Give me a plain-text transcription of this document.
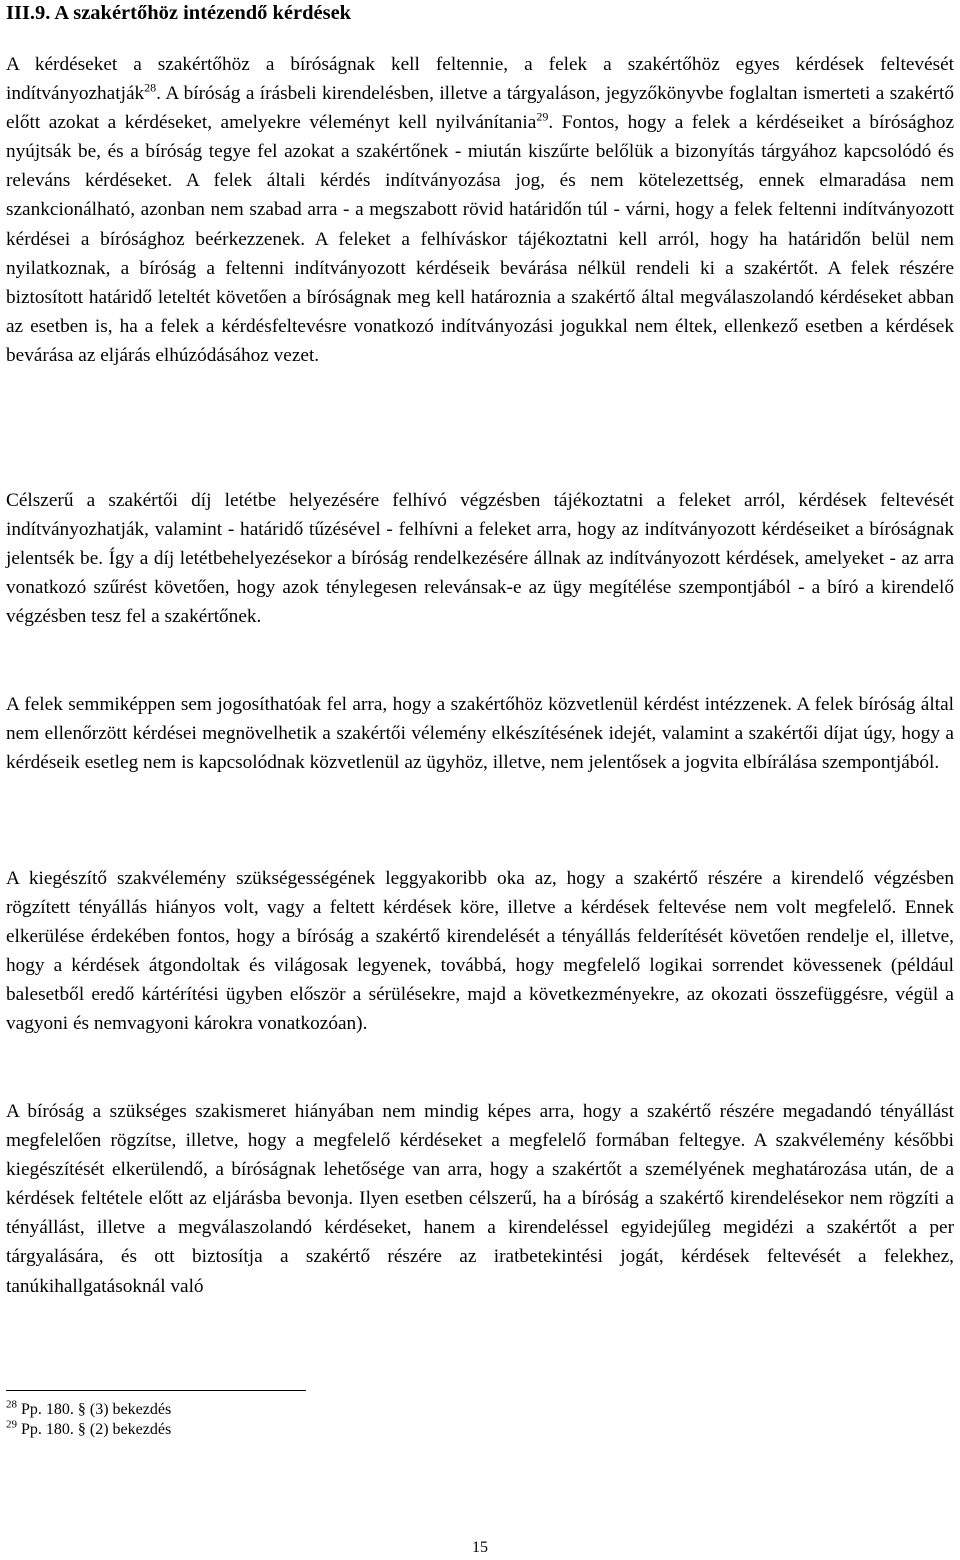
III.9. A szakértőhöz intézendő kérdések

A kérdéseket a szakértőhöz a bíróságnak kell feltennie, a felek a szakértőhöz egyes kérdések feltevését indítványozhatják$^{28}$. A bíróság a írásbeli kirendelésben, illetve a tárgyaláson, jegyzőkönyvbe foglaltan ismerteti a szakértő előtt azokat a kérdéseket, amelyekre véleményt kell nyilvánítania$^{29}$. Fontos, hogy a felek a kérdéseiket a bírósághoz nyújtsák be, és a bíróság tegye fel azokat a szakértőnek - miután kiszűrte belőlük a bizonyítás tárgyához kapcsolódó és releváns kérdéseket. A felek általi kérdés indítványozása jog, és nem kötelezettség, ennek elmaradása nem szankcionálható, azonban nem szabad arra - a megszabott rövid határidőn túl - várni, hogy a felek feltenni indítványozott kérdései a bírósághoz beérkezzenek. A feleket a felhíváskor tájékoztatni kell arról, hogy ha határidőn belül nem nyilatkoznak, a bíróság a feltenni indítványozott kérdéseik bevárása nélkül rendeli ki a szakértőt. A felek részére biztosított határidő leteltét követően a bíróságnak meg kell határoznia a szakértő által megválaszolandó kérdéseket abban az esetben is, ha a felek a kérdésfeltevésre vonatkozó indítványozási jogukkal nem éltek, ellenkező esetben a kérdések bevárása az eljárás elhúzódásához vezet.

Célszerű a szakértői díj letétbe helyezésére felhívó végzésben tájékoztatni a feleket arról, kérdések feltevését indítványozhatják, valamint - határidő tűzésével - felhívni a feleket arra, hogy az indítványozott kérdéseiket a bíróságnak jelentsék be. Így a díj letétbehelyezésekor a bíróság rendelkezésére állnak az indítványozott kérdések, amelyeket - az arra vonatkozó szűrést követően, hogy azok ténylegesen relevánsak-e az ügy megítélése szempontjából - a bíró a kirendelő végzésben tesz fel a szakértőnek.

A felek semmiképpen sem jogosíthatóak fel arra, hogy a szakértőhöz közvetlenül kérdést intézzenek. A felek bíróság által nem ellenőrzött kérdései megnövelhetik a szakértői vélemény elkészítésének idejét, valamint a szakértői díjat úgy, hogy a kérdéseik esetleg nem is kapcsolódnak közvetlenül az ügyhöz, illetve, nem jelentősek a jogvita elbírálása szempontjából.

A kiegészítő szakvélemény szükségességének leggyakoribb oka az, hogy a szakértő részére a kirendelő végzésben rögzített tényállás hiányos volt, vagy a feltett kérdések köre, illetve a kérdések feltevése nem volt megfelelő. Ennek elkerülése érdekében fontos, hogy a bíróság a szakértő kirendelését a tényállás felderítését követően rendelje el, illetve, hogy a kérdések átgondoltak és világosak legyenek, továbbá, hogy megfelelő logikai sorrendet kövessenek (például balesetből eredő kártérítési ügyben először a sérülésekre, majd a következményekre, az okozati összefüggésre, végül a vagyoni és nemvagyoni károkra vonatkozóan).

A bíróság a szükséges szakismeret hiányában nem mindig képes arra, hogy a szakértő részére megadandó tényállást megfelelően rögzítse, illetve, hogy a megfelelő kérdéseket a megfelelő formában feltegye. A szakvélemény későbbi kiegészítését elkerülendő, a bíróságnak lehetősége van arra, hogy a szakértőt a személyének meghatározása után, de a kérdések feltétele előtt az eljárásba bevonja. Ilyen esetben célszerű, ha a bíróság a szakértő kirendelésekor nem rögzíti a tényállást, illetve a megválaszolandó kérdéseket, hanem a kirendeléssel egyidejűleg megidézi a szakértőt a per tárgyalására, és ott biztosítja a szakértő részére az iratbetekintési jogát, kérdések feltevését a felekhez, tanúkihallgatásoknál való

$^{28}$ Pp. 180. § (3) bekezdés
$^{29}$ Pp. 180. § (2) bekezdés
15
